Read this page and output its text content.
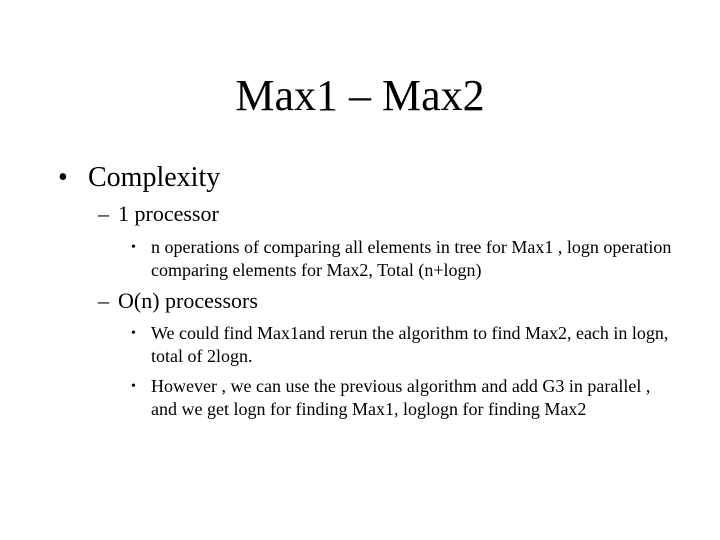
Max1 – Max2
• Complexity
– 1 processor
• n operations of comparing all elements in tree for Max1 , logn operation comparing elements for Max2, Total (n+logn)
– O(n) processors
• We could find Max1and rerun the algorithm to find Max2, each in logn, total of 2logn.
• However , we can use the previous algorithm and add G3 in parallel , and we get logn for finding Max1, loglogn for finding Max2
